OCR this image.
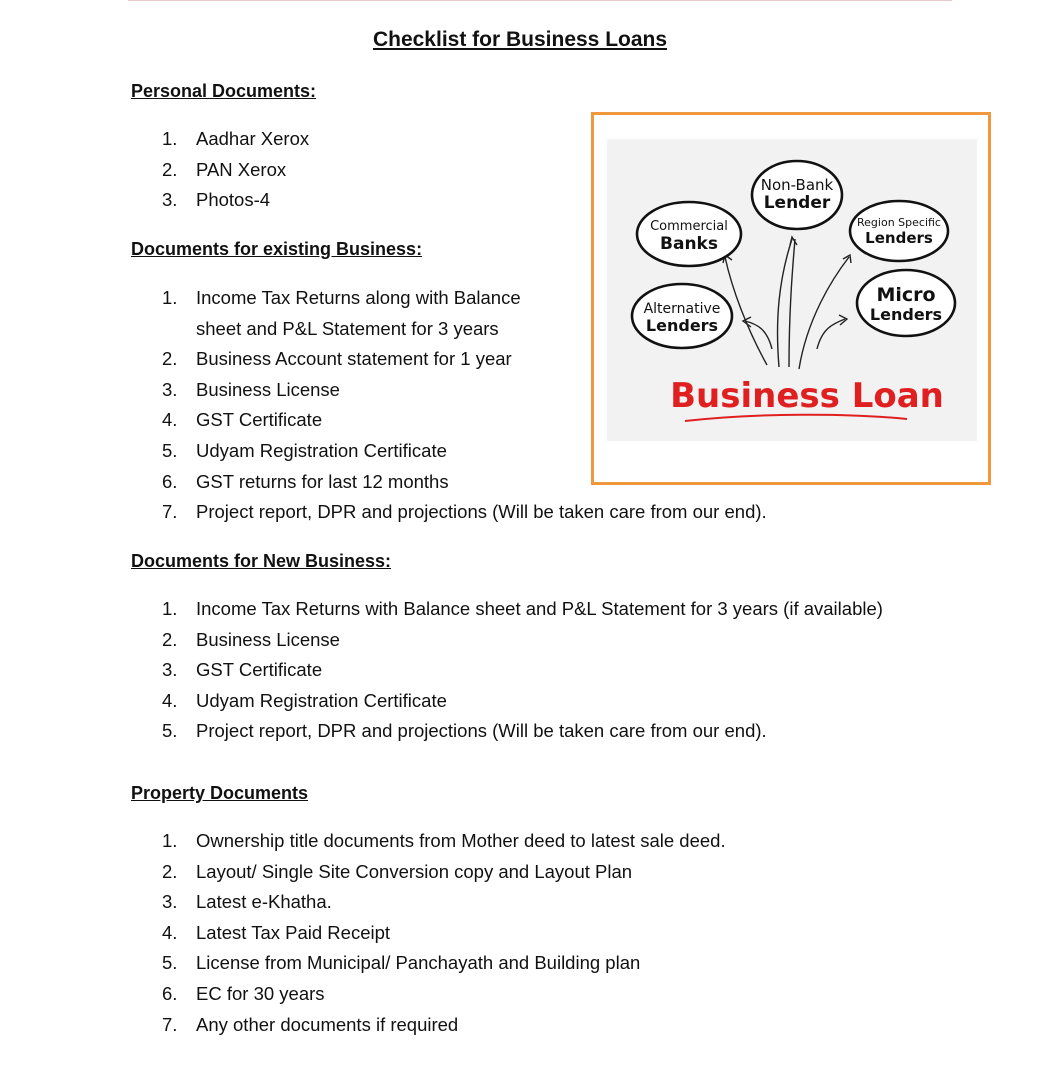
Checklist for Business Loans
Personal Documents:
1. Aadhar Xerox
2. PAN Xerox
3. Photos-4
Documents for existing Business:
1. Income Tax Returns along with Balance
sheet and P&L Statement for 3 years
2. Business Account statement for 1 year
3. Business License
4. GST Certificate
5. Udyam Registration Certificate
6. GST returns for last 12 months
7. Project report, DPR and projections (Will be taken care from our end).
Documents for New Business:
1. Income Tax Returns with Balance sheet and P&L Statement for 3 years (if available)
2. Business License
3. GST Certificate
4. Udyam Registration Certificate
5. Project report, DPR and projections (Will be taken care from our end).
Property Documents
1. Ownership title documents from Mother deed to latest sale deed.
2. Layout/ Single Site Conversion copy and Layout Plan
3. Latest e-Khatha.
4. Latest Tax Paid Receipt
5. License from Municipal/ Panchayath and Building plan
6. EC for 30 years
7. Any other documents if required
Non-Bank
Lender
Commercial
Banks
Region Specific
Lenders
Alternative
Lenders
Micro
Lenders
Business Loan
